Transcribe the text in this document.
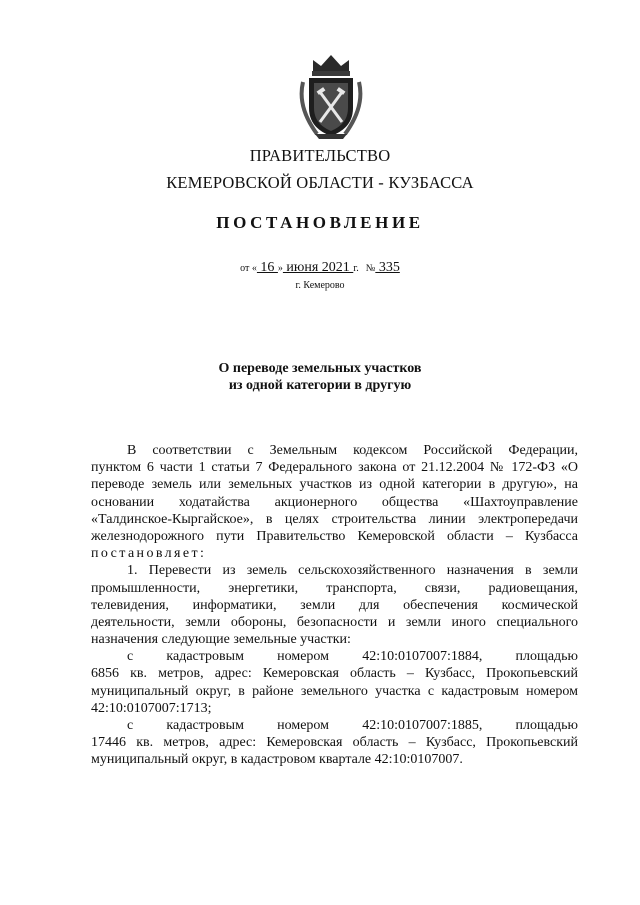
ПРАВИТЕЛЬСТВО
КЕМЕРОВСКОЙ ОБЛАСТИ - КУЗБАССА
ПОСТАНОВЛЕНИЕ
от « 16 » июня 2021 г. № 335
г. Кемерово
О переводе земельных участков
из одной категории в другую
В соответствии с Земельным кодексом Российской Федерации,
пунктом 6 части 1 статьи 7 Федерального закона от 21.12.2004 № 172-ФЗ «О
переводе земель или земельных участков из одной категории в другую», на
основании ходатайства акционерного общества «Шахтоуправление
«Талдинское-Кыргайское», в целях строительства линии электропередачи
железнодорожного пути Правительство Кемеровской области – Кузбасса
постановляет:
1. Перевести из земель сельскохозяйственного назначения в земли
промышленности, энергетики, транспорта, связи, радиовещания,
телевидения, информатики, земли для обеспечения космической
деятельности, земли обороны, безопасности и земли иного специального
назначения следующие земельные участки:
с кадастровым номером 42:10:0107007:1884, площадью
6856 кв. метров, адрес: Кемеровская область – Кузбасс, Прокопьевский
муниципальный округ, в районе земельного участка с кадастровым номером
42:10:0107007:1713;
с кадастровым номером 42:10:0107007:1885, площадью
17446 кв. метров, адрес: Кемеровская область – Кузбасс, Прокопьевский
муниципальный округ, в кадастровом квартале 42:10:0107007.
